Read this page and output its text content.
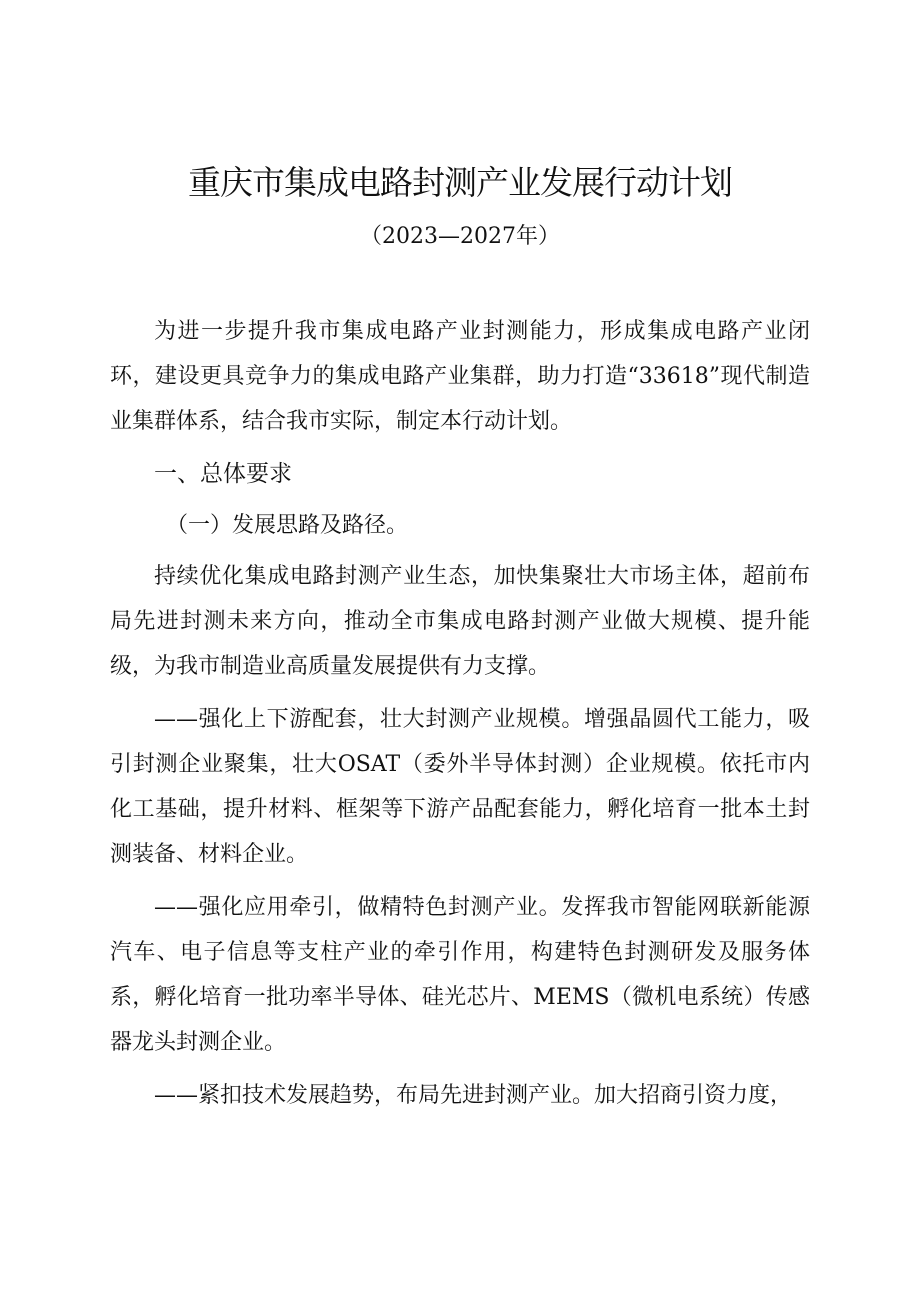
重庆市集成电路封测产业发展行动计划
（2023—2027年）

为进一步提升我市集成电路产业封测能力，形成集成电路产业闭环，建设更具竞争力的集成电路产业集群，助力打造“33618”现代制造业集群体系，结合我市实际，制定本行动计划。

一、总体要求

（一）发展思路及路径。

持续优化集成电路封测产业生态，加快集聚壮大市场主体，超前布局先进封测未来方向，推动全市集成电路封测产业做大规模、提升能级，为我市制造业高质量发展提供有力支撑。

——强化上下游配套，壮大封测产业规模。增强晶圆代工能力，吸引封测企业聚集，壮大OSAT（委外半导体封测）企业规模。依托市内化工基础，提升材料、框架等下游产品配套能力，孵化培育一批本土封测装备、材料企业。

——强化应用牵引，做精特色封测产业。发挥我市智能网联新能源汽车、电子信息等支柱产业的牵引作用，构建特色封测研发及服务体系，孵化培育一批功率半导体、硅光芯片、MEMS（微机电系统）传感器龙头封测企业。

——紧扣技术发展趋势，布局先进封测产业。加大招商引资力度，
